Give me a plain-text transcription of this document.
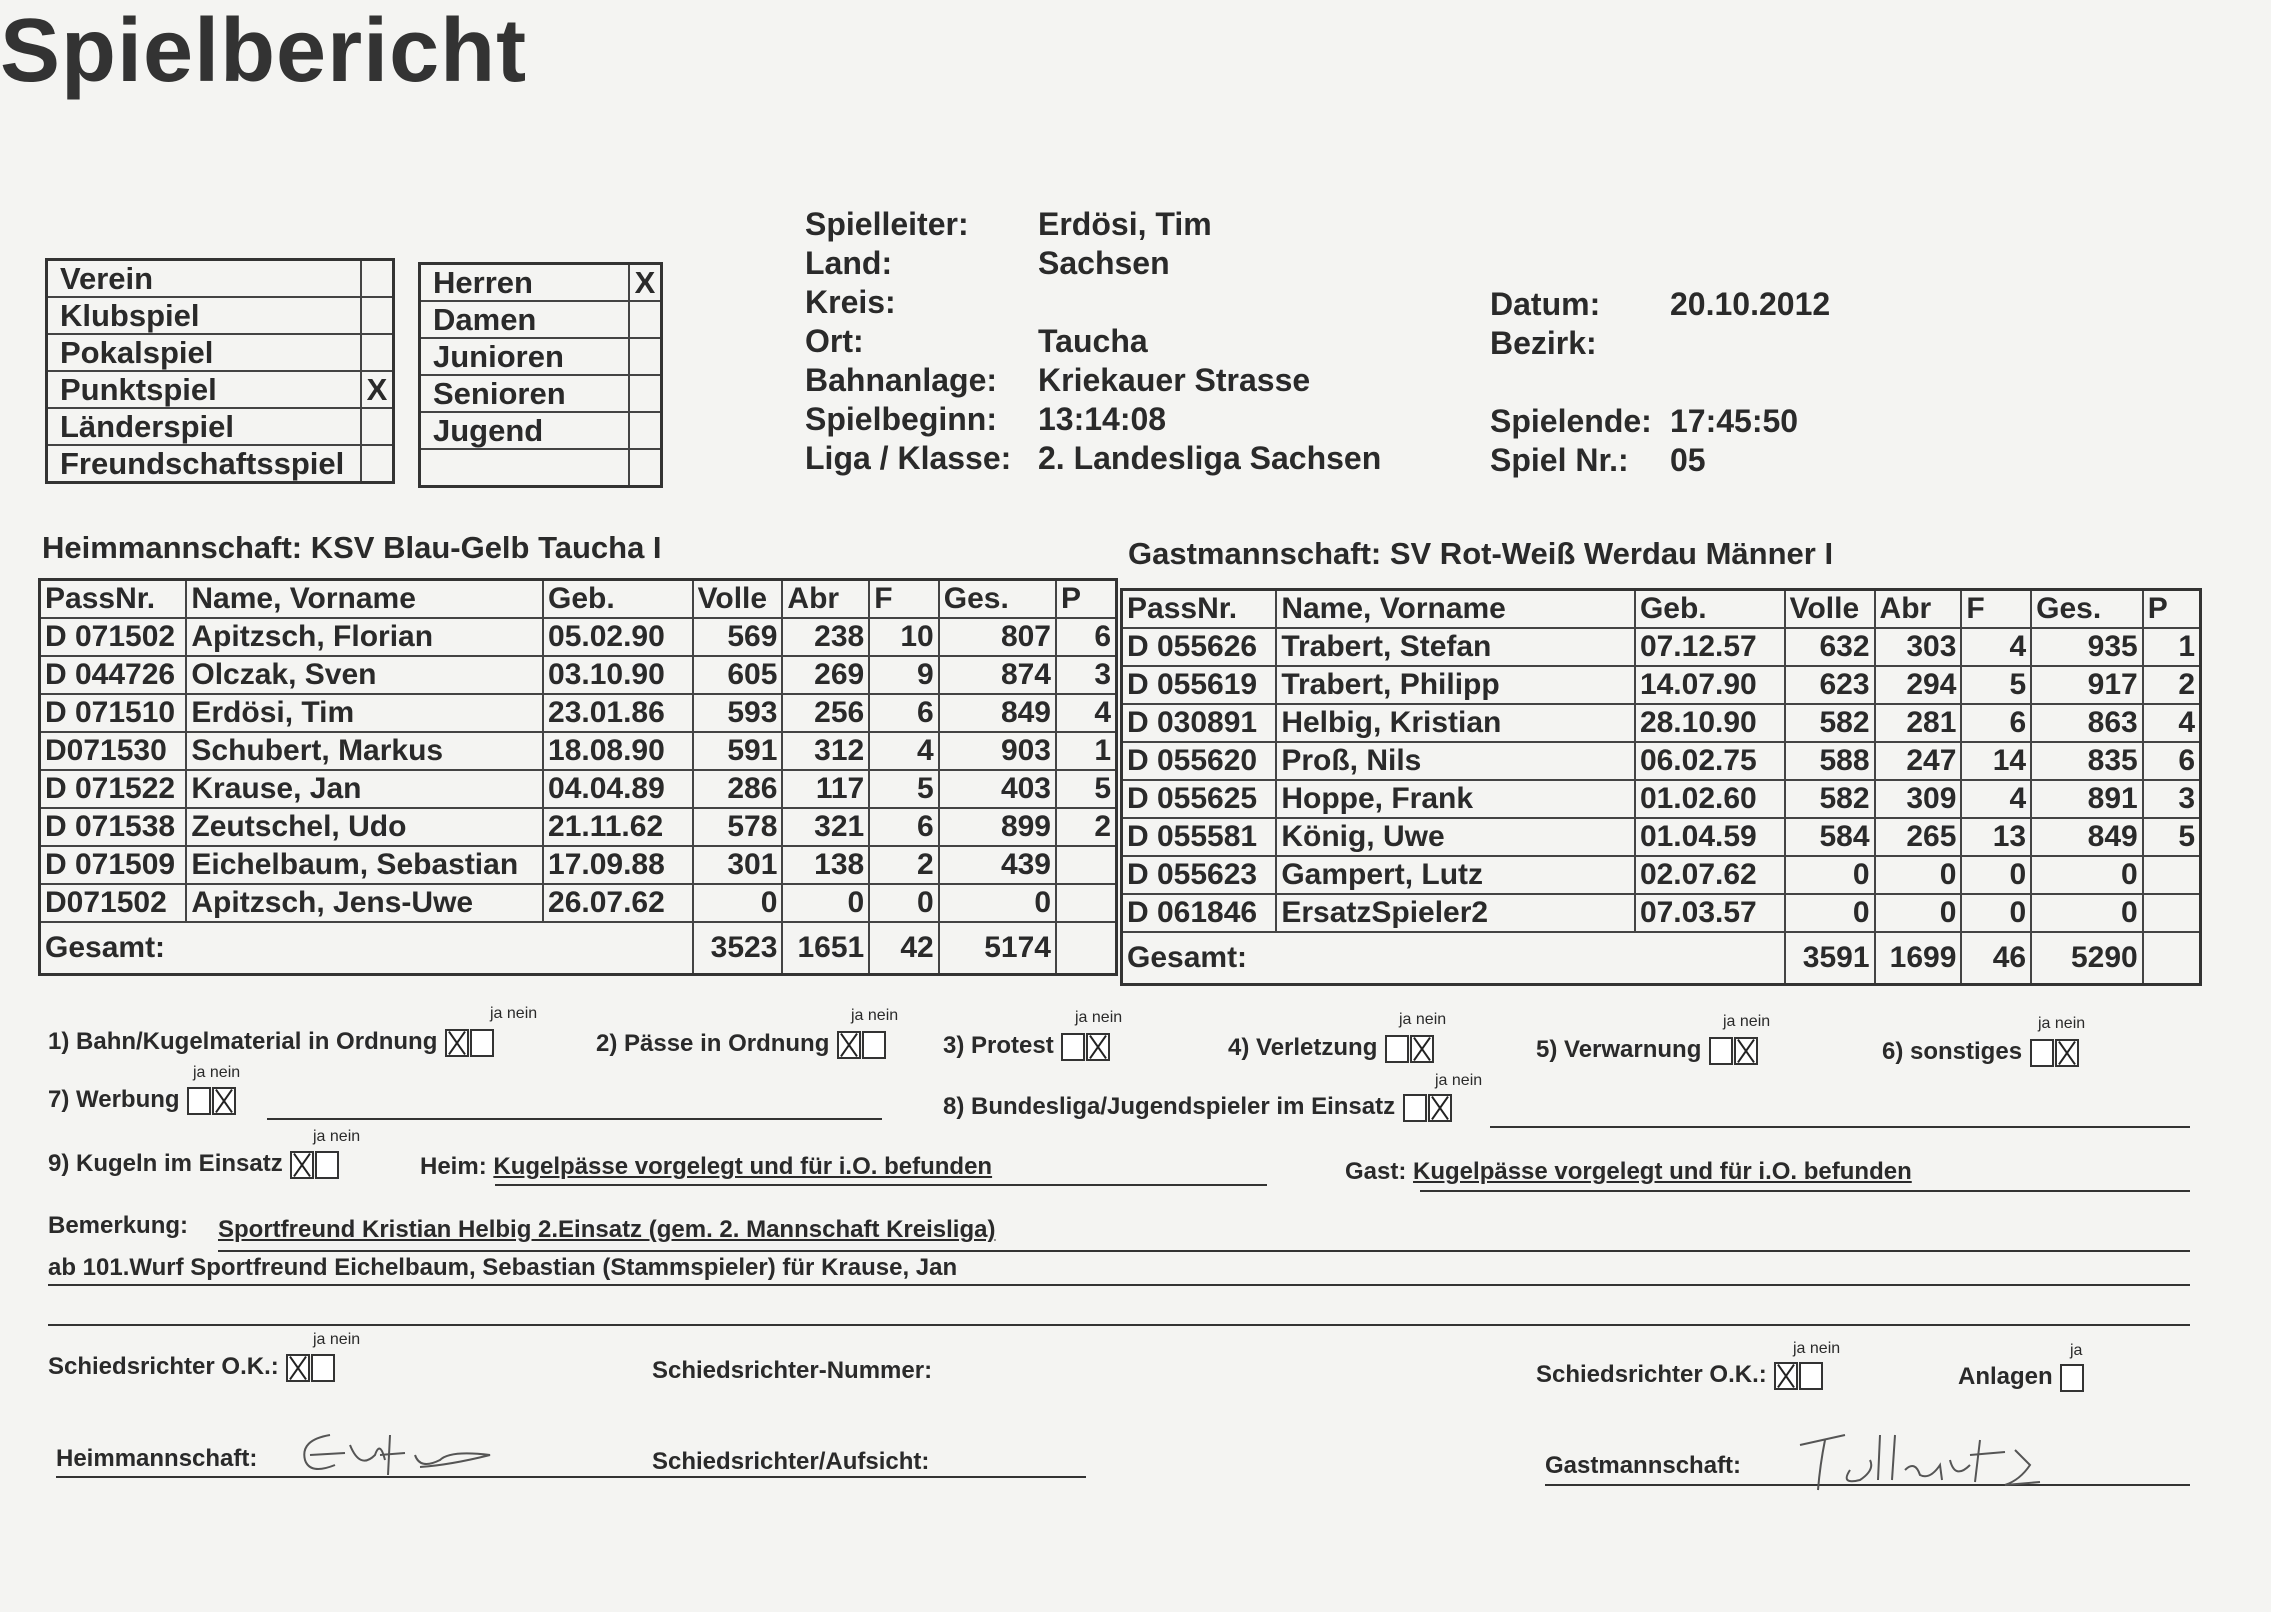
Spielbericht
Verein	
Klubspiel	
Pokalspiel	
Punktspiel	X
Länderspiel	
Freundschaftsspiel	
Herren	X
Damen	
Junioren	
Senioren	
Jugend	

Spielleiter: Erdösi, Tim
Land:	Sachsen
Kreis:
Ort:	Taucha
Bahnanlage: Kriekauer Strasse
Spielbeginn: 13:14:08
Liga / Klasse: 2. Landesliga Sachsen
Datum: 20.10.2012
Bezirk:
Spielende: 17:45:50
Spiel Nr.: 05
Heimmannschaft: KSV Blau-Gelb Taucha I	Gastmannschaft: SV Rot-Weiß Werdau Männer I
PassNr.	Name, Vorname	Geb.	Volle	Abr	F	Ges.	P
D 071502	Apitzsch, Florian	05.02.90	569	238	10	807	6
D 044726	Olczak, Sven	03.10.90	605	269	9	874	3
D 071510	Erdösi, Tim	23.01.86	593	256	6	849	4
D071530	Schubert, Markus	18.08.90	591	312	4	903	1
D 071522	Krause, Jan	04.04.89	286	117	5	403	5
D 071538	Zeutschel, Udo	21.11.62	578	321	6	899	2
D 071509	Eichelbaum, Sebastian	17.09.88	301	138	2	439	
D071502	Apitzsch, Jens-Uwe	26.07.62	0	0	0	0	
Gesamt:			3523	1651	42	5174	
PassNr.	Name, Vorname	Geb.	Volle	Abr	F	Ges.	P
D 055626	Trabert, Stefan	07.12.57	632	303	4	935	1
D 055619	Trabert, Philipp	14.07.90	623	294	5	917	2
D 030891	Helbig, Kristian	28.10.90	582	281	6	863	4
D 055620	Proß, Nils	06.02.75	588	247	14	835	6
D 055625	Hoppe, Frank	01.02.60	582	309	4	891	3
D 055581	König, Uwe	01.04.59	584	265	13	849	5
D 055623	Gampert, Lutz	02.07.62	0	0	0	0	
D 061846	ErsatzSpieler2	07.03.57	0	0	0	0	
Gesamt:			3591	1699	46	5290	
1) Bahn/Kugelmaterial in Ordnung	2) Pässe in Ordnung	3) Protest	4) Verletzung	5) Verwarnung	6) sonstiges
ja nein	ja nein	ja nein	ja nein	ja nein	ja nein
7) Werbung
ja nein
8) Bundesliga/Jugendspieler im Einsatz
ja nein
9) Kugeln im Einsatz
ja nein
Heim: Kugelpässe vorgelegt und für i.O. befunden	Gast: Kugelpässe vorgelegt und für i.O. befunden
Bemerkung: Sportfreund Kristian Helbig 2.Einsatz (gem. 2. Mannschaft Kreisliga)
ab 101.Wurf Sportfreund Eichelbaum, Sebastian (Stammspieler) für Krause, Jan
Schiedsrichter O.K.:
ja nein
Schiedsrichter-Nummer:	Schiedsrichter O.K.:
ja nein
Anlagen
ja
Heimmannschaft:	Schiedsrichter/Aufsicht:	Gastmannschaft:
